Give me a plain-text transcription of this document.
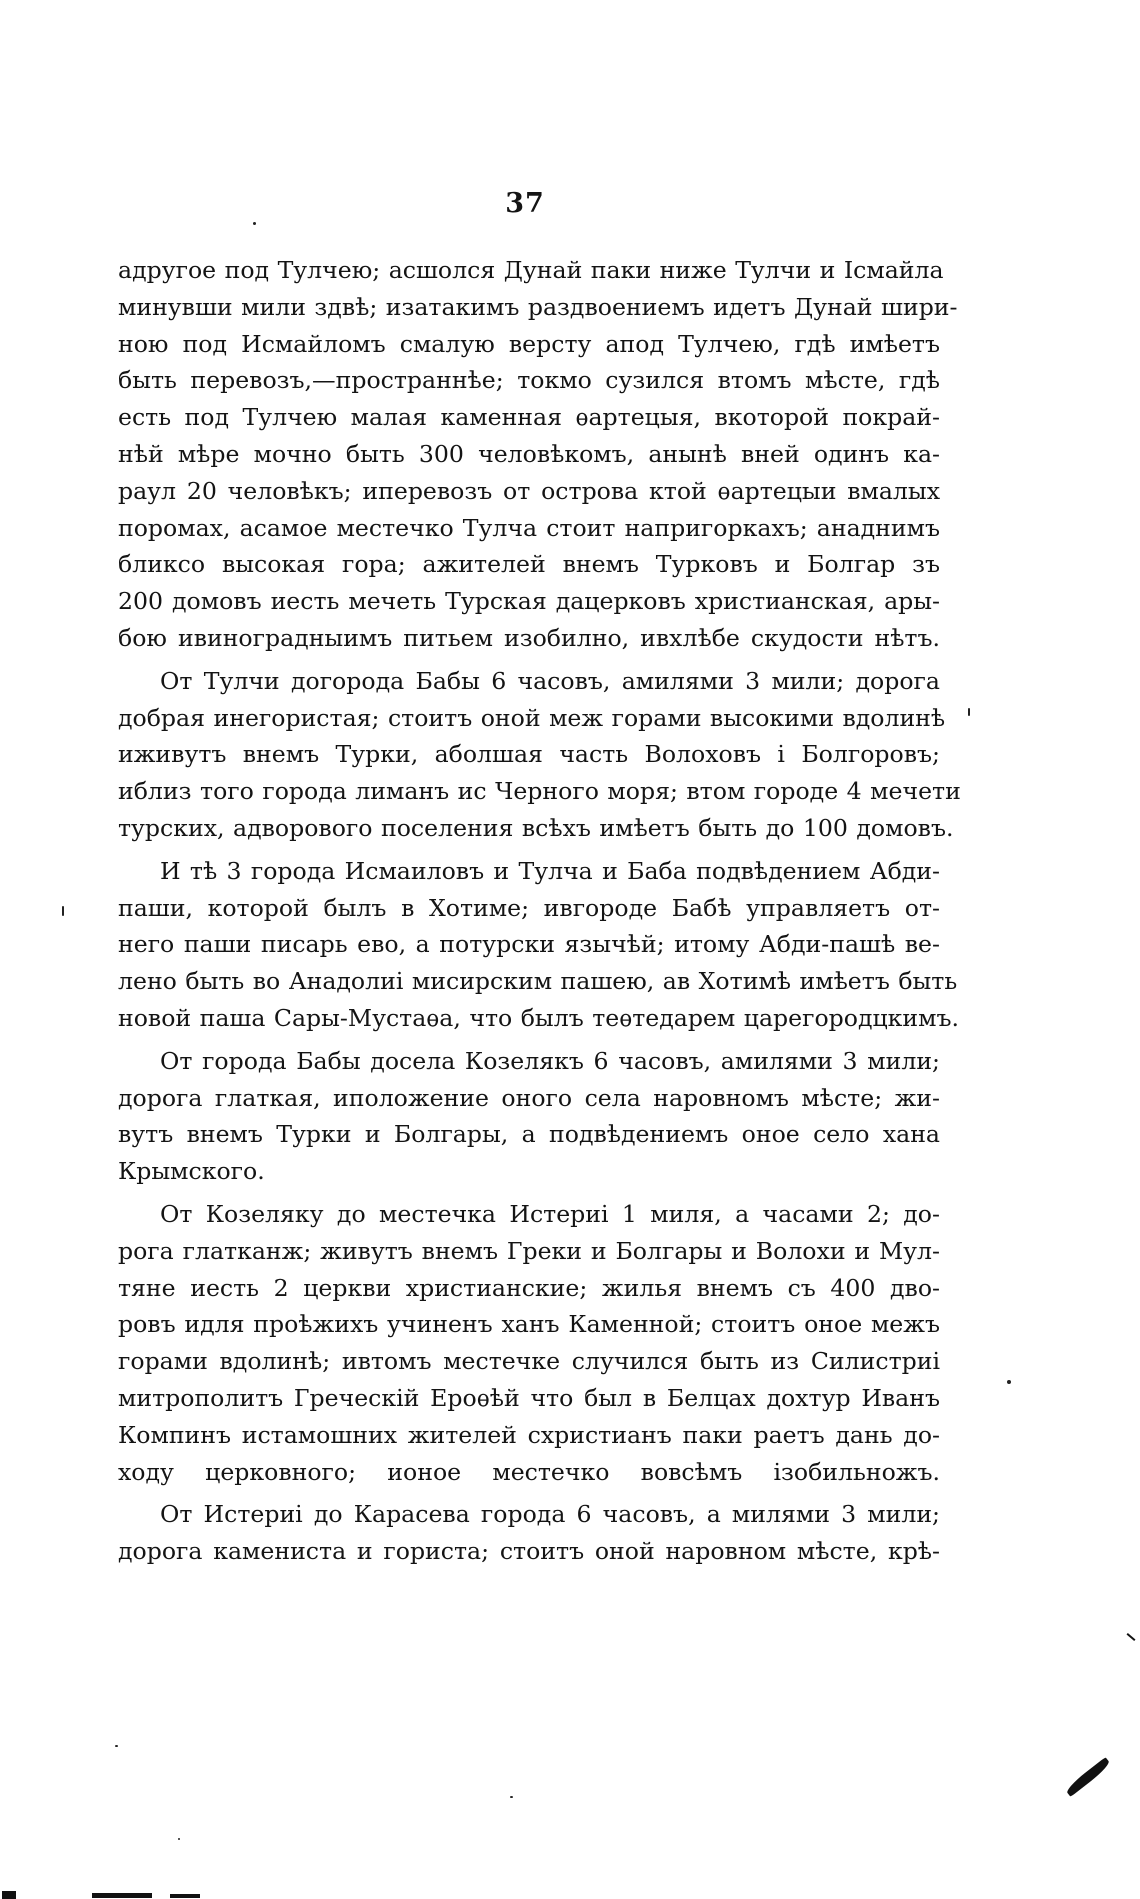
37

адругое под Тулчею; асшолся Дунай паки ниже Тулчи и Ісмайла
минувши мили здвѣ; изатакимъ раздвоениемъ идетъ Дунай шири-
ною под Исмайломъ смалую версту апод Тулчею, гдѣ имѣетъ
быть перевозъ,—пространнѣе; токмо сузился втомъ мѣсте, гдѣ
есть под Тулчею малая каменная ѳартецыя, вкоторой покрай-
нѣй мѣре мочно быть 300 человѣкомъ, анынѣ вней одинъ ка-
раул 20 человѣкъ; иперевозъ от острова ктой ѳартецыи вмалых
поромах, асамое местечко Тулча стоит напригоркахъ; анаднимъ
бликсо высокая гора; ажителей внемъ Турковъ и Болгар зъ
200 домовъ иесть мечеть Турская дацерковъ христианская, ары-
бою ивиноградныимъ питьем изобилно, ивхлѣбе скудости нѣтъ.

От Тулчи догорода Бабы 6 часовъ, амилями 3 мили; дорога
добрая инегористая; стоитъ оной меж горами высокими вдолинѣ
иживутъ внемъ Турки, аболшая часть Волоховъ і Болгоровъ;
иблиз того города лиманъ ис Черного моря; втом городе 4 мечети
турских, адворового поселения всѣхъ имѣетъ быть до 100 домовъ.

И тѣ 3 города Исмаиловъ и Тулча и Баба подвѣдением Абди-
паши, которой былъ в Хотиме; ивгороде Бабѣ управляетъ от-
него паши писарь ево, а потурски язычѣй; итому Абди-пашѣ ве-
лено быть во Анадолиі мисирским пашею, ав Хотимѣ имѣетъ быть
новой паша Сары-Мустаѳа, что былъ теѳтедарем царегородцкимъ.

От города Бабы досела Козелякъ 6 часовъ, амилями 3 мили;
дорога глаткая, иположение оного села наровномъ мѣсте; жи-
вутъ внемъ Турки и Болгары, а подвѣдениемъ оное село хана
Крымского.

От Козеляку до местечка Истериі 1 миля, а часами 2; до-
рога глатканж; живутъ внемъ Греки и Болгары и Волохи и Мул-
тяне иесть 2 церкви христианские; жилья внемъ съ 400 дво-
ровъ идля проѣжихъ учиненъ ханъ Каменной; стоитъ оное межъ
горами вдолинѣ; ивтомъ местечке случился быть из Силистриі
митрополитъ Греческій Ероѳѣй что был в Белцах дохтур Иванъ
Компинъ истамошних жителей схристианъ паки раетъ дань до-
ходу церковного; ионое местечко вовсѣмъ ізобильножъ.

От Истериі до Карасева города 6 часовъ, а милями 3 мили;
дорога камениста и гориста; стоитъ оной наровном мѣсте, крѣ-
